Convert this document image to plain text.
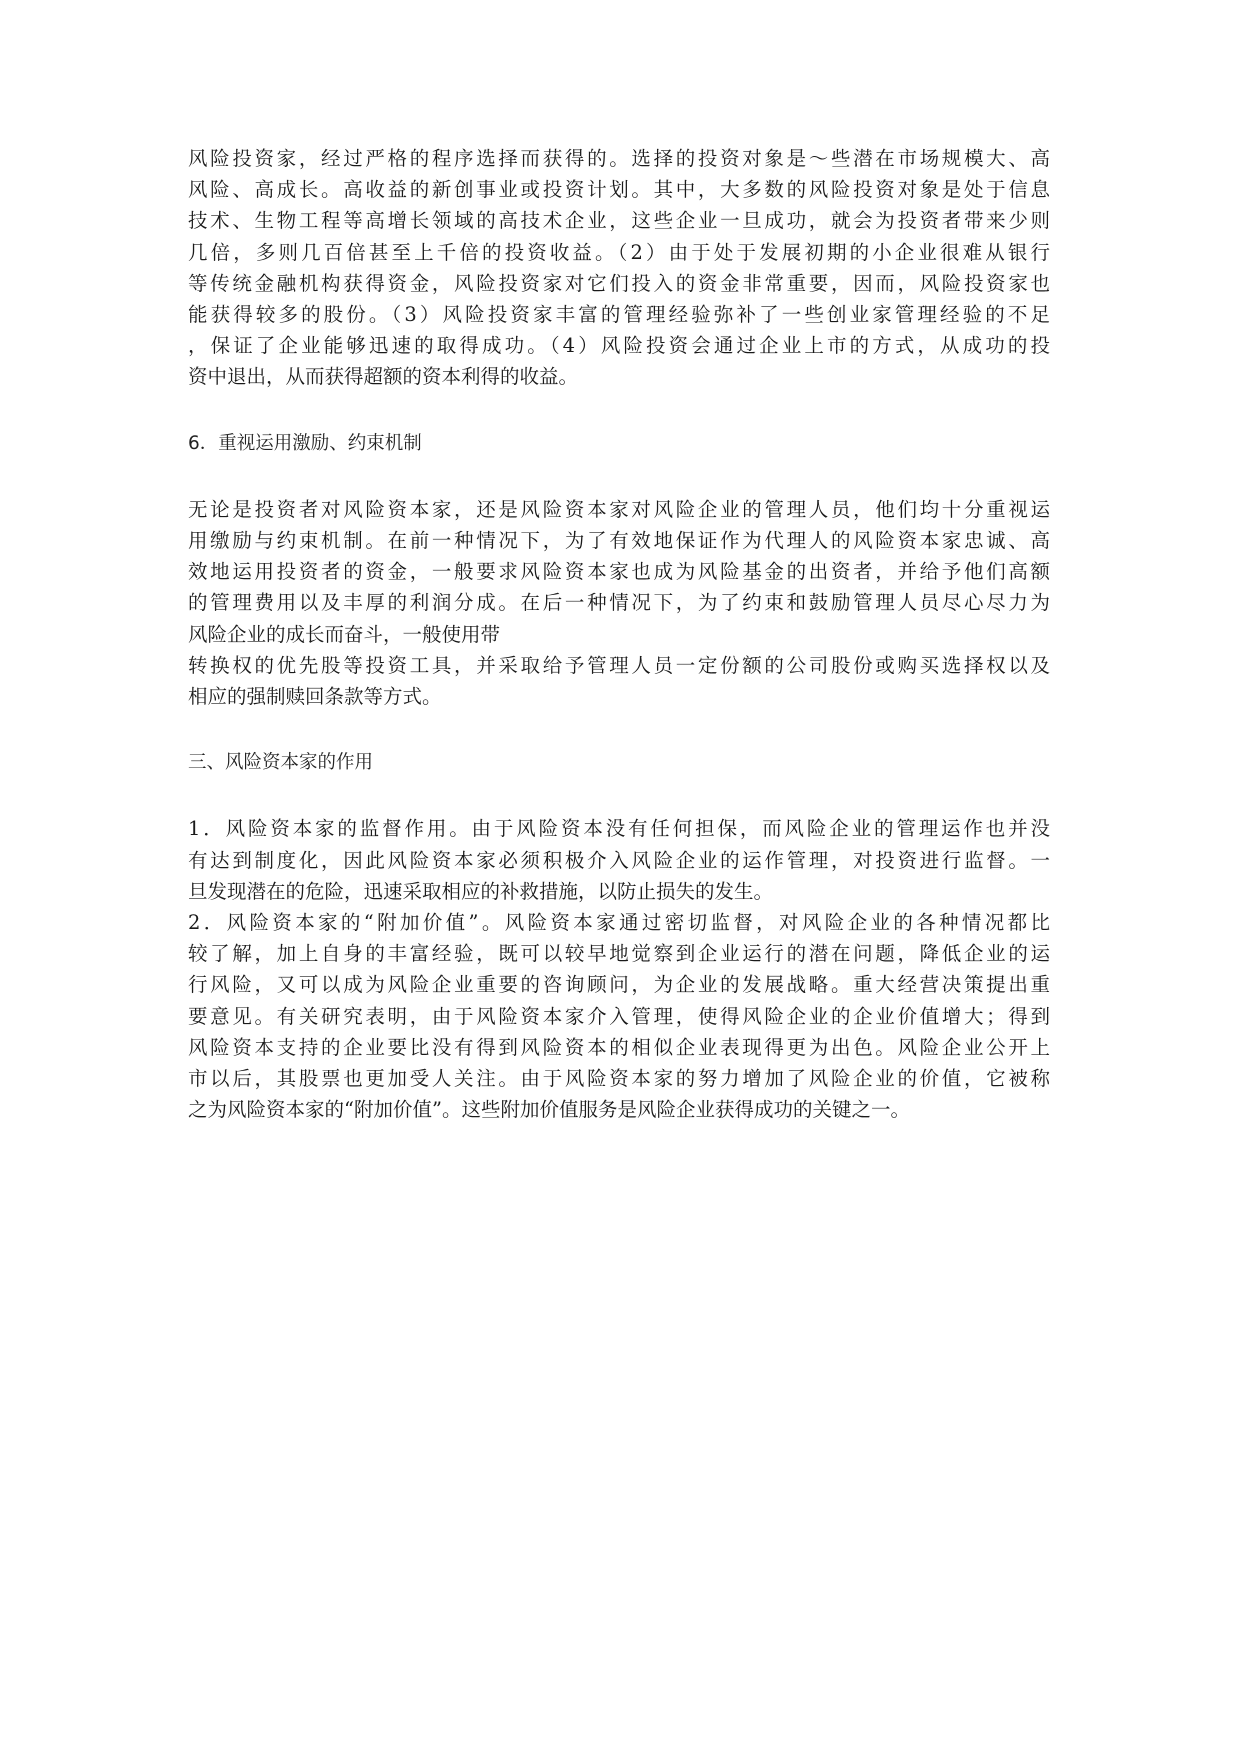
风险投资家，经过严格的程序选择而获得的。选择的投资对象是～些潜在市场规模大、高
风险、高成长。高收益的新创事业或投资计划。其中，大多数的风险投资对象是处于信息
技术、生物工程等高增长领域的高技术企业，这些企业一旦成功，就会为投资者带来少则
几倍，多则几百倍甚至上千倍的投资收益。（2）由于处于发展初期的小企业很难从银行
等传统金融机构获得资金，风险投资家对它们投入的资金非常重要，因而，风险投资家也
能获得较多的股份。（3）风险投资家丰富的管理经验弥补了一些创业家管理经验的不足
，保证了企业能够迅速的取得成功。（4）风险投资会通过企业上市的方式，从成功的投
资中退出，从而获得超额的资本利得的收益。

6．重视运用激励、约束机制

无论是投资者对风险资本家，还是风险资本家对风险企业的管理人员，他们均十分重视运
用缴励与约束机制。在前一种情况下，为了有效地保证作为代理人的风险资本家忠诚、高
效地运用投资者的资金，一般要求风险资本家也成为风险基金的出资者，并给予他们高额
的管理费用以及丰厚的利润分成。在后一种情况下，为了约束和鼓励管理人员尽心尽力为
风险企业的成长而奋斗，一般使用带
转换权的优先股等投资工具，并采取给予管理人员一定份额的公司股份或购买选择权以及
相应的强制赎回条款等方式。

三、风险资本家的作用

1．风险资本家的监督作用。由于风险资本没有任何担保，而风险企业的管理运作也并没
有达到制度化，因此风险资本家必须积极介入风险企业的运作管理，对投资进行监督。一
旦发现潜在的危险，迅速采取相应的补救措施，以防止损失的发生。

2．风险资本家的“附加价值”。风险资本家通过密切监督，对风险企业的各种情况都比
较了解，加上自身的丰富经验，既可以较早地觉察到企业运行的潜在问题，降低企业的运
行风险，又可以成为风险企业重要的咨询顾问，为企业的发展战略。重大经营决策提出重
要意见。有关研究表明，由于风险资本家介入管理，使得风险企业的企业价值增大；得到
风险资本支持的企业要比没有得到风险资本的相似企业表现得更为出色。风险企业公开上
市以后，其股票也更加受人关注。由于风险资本家的努力增加了风险企业的价值，它被称
之为风险资本家的“附加价值”。这些附加价值服务是风险企业获得成功的关键之一。
